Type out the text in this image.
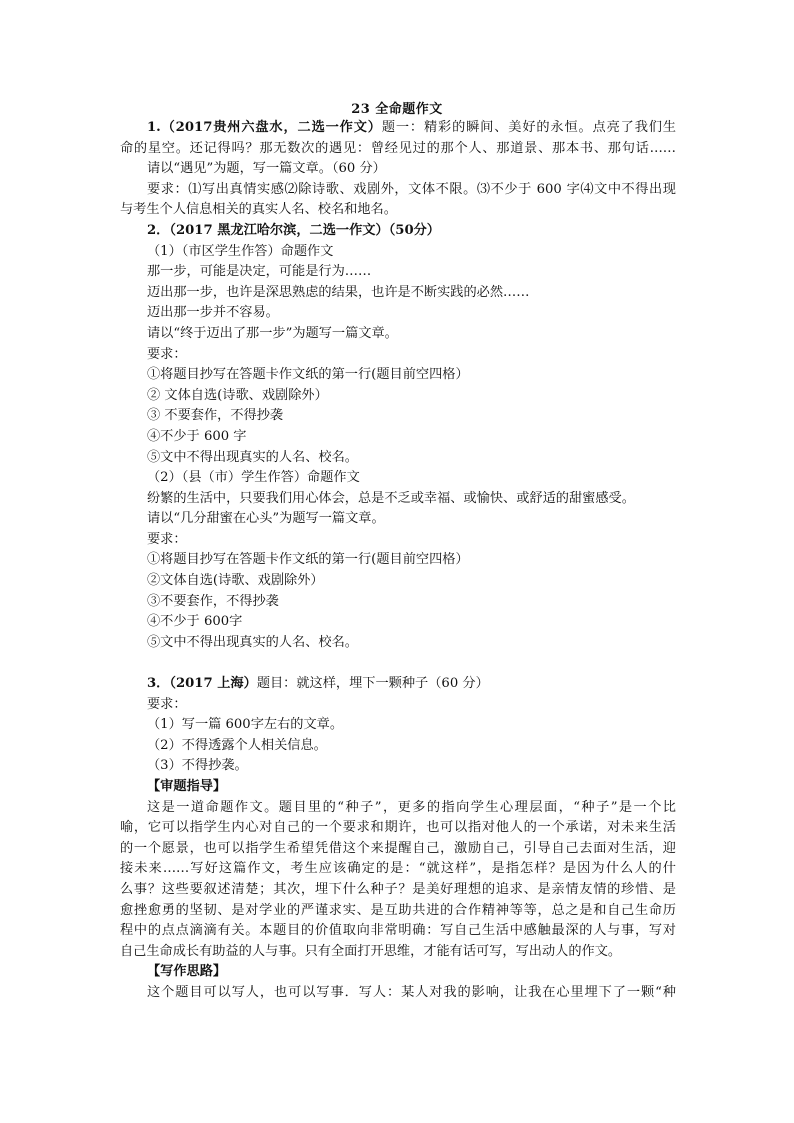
23 全命题作文
1.（2017贵州六盘水，二选一作文）题一：精彩的瞬间、美好的永恒。点亮了我们生
命的星空。还记得吗？那无数次的遇见：曾经见过的那个人、那道景、那本书、那句话……
请以“遇见”为题，写一篇文章。（60 分）
要求：⑴写出真情实感⑵除诗歌、戏剧外，文体不限。⑶不少于 600 字⑷文中不得出现
与考生个人信息相关的真实人名、校名和地名。
2．（2017 黑龙江哈尔滨，二选一作文）（50分）
（1）（市区学生作答）命题作文
那一步，可能是决定，可能是行为……
迈出那一步，也许是深思熟虑的结果，也许是不断实践的必然……
迈出那一步并不容易。
请以“终于迈出了那一步”为题写一篇文章。
要求：
①将题目抄写在答题卡作文纸的第一行(题目前空四格）
② 文体自选(诗歌、戏剧除外）
③ 不要套作，不得抄袭
④不少于 600 字
⑤文中不得出现真实的人名、校名。
（2）（县（市）学生作答）命题作文
纷繁的生活中，只要我们用心体会，总是不乏或幸福、或愉快、或舒适的甜蜜感受。
请以“几分甜蜜在心头”为题写一篇文章。
要求：
①将题目抄写在答题卡作文纸的第一行(题目前空四格）
②文体自选(诗歌、戏剧除外）
③不要套作，不得抄袭
④不少于 600字
⑤文中不得出现真实的人名、校名。
3．（2017 上海）题目：就这样，埋下一颗种子（60 分）
要求：
（1）写一篇 600字左右的文章。
（2）不得透露个人相关信息。
（3）不得抄袭。
【审题指导】
这是一道命题作文。题目里的“种子”，更多的指向学生心理层面，“种子”是一个比
喻，它可以指学生内心对自己的一个要求和期许，也可以指对他人的一个承诺，对未来生活
的一个愿景，也可以指学生希望凭借这个来提醒自己，激励自己，引导自己去面对生活，迎
接未来……写好这篇作文，考生应该确定的是：“就这样”，是指怎样？是因为什么人的什
么事？这些要叙述清楚；其次，埋下什么种子？是美好理想的追求、是亲情友情的珍惜、是
愈挫愈勇的坚韧、是对学业的严谨求实、是互助共进的合作精神等等，总之是和自己生命历
程中的点点滴滴有关。本题目的价值取向非常明确：写自己生活中感触最深的人与事，写对
自己生命成长有助益的人与事。只有全面打开思维，才能有话可写，写出动人的作文。
【写作思路】
这个题目可以写人，也可以写事．写人：某人对我的影响，让我在心里埋下了一颗“种
